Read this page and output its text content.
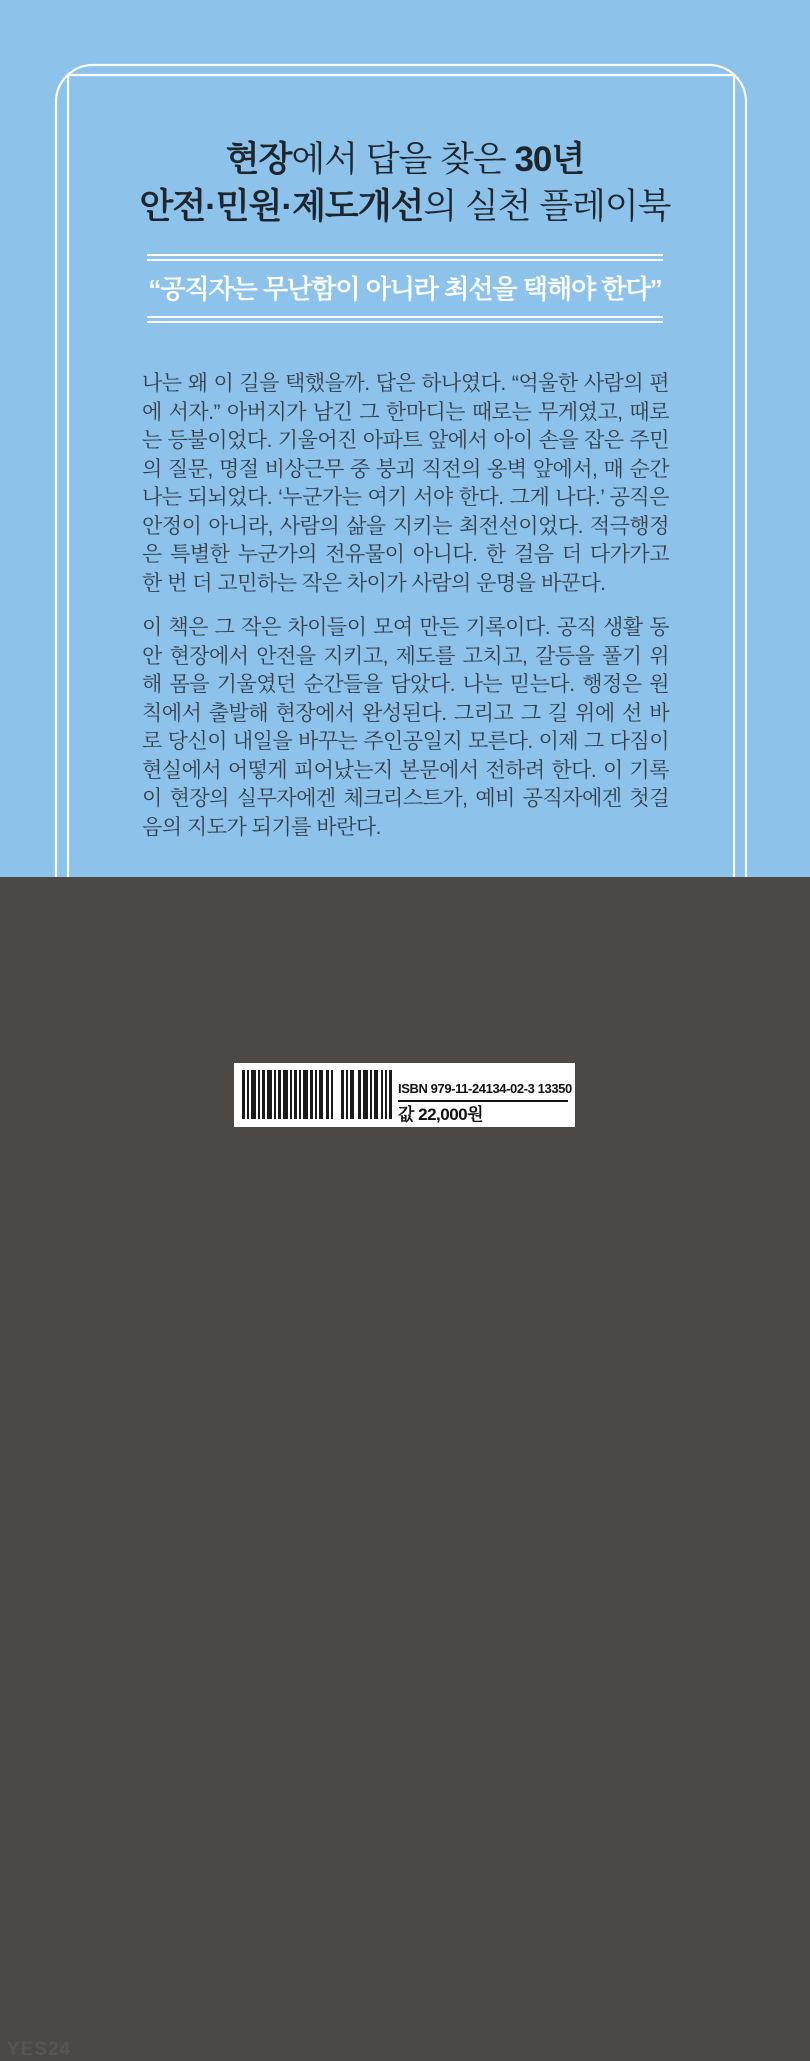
현장에서 답을 찾은 30년
안전·민원·제도개선의 실천 플레이북
“공직자는 무난함이 아니라 최선을 택해야 한다”

나는 왜 이 길을 택했을까. 답은 하나였다. “억울한 사람의 편에 서자.” 아버지가 남긴 그 한마디는 때로는 무게였고, 때로는 등불이었다. 기울어진 아파트 앞에서 아이 손을 잡은 주민의 질문, 명절 비상근무 중 붕괴 직전의 옹벽 앞에서, 매 순간 나는 되뇌었다. ‘누군가는 여기 서야 한다. 그게 나다.’ 공직은 안정이 아니라, 사람의 삶을 지키는 최전선이었다. 적극행정은 특별한 누군가의 전유물이 아니다. 한 걸음 더 다가가고 한 번 더 고민하는 작은 차이가 사람의 운명을 바꾼다.

이 책은 그 작은 차이들이 모여 만든 기록이다. 공직 생활 동안 현장에서 안전을 지키고, 제도를 고치고, 갈등을 풀기 위해 몸을 기울였던 순간들을 담았다. 나는 믿는다. 행정은 원칙에서 출발해 현장에서 완성된다. 그리고 그 길 위에 선 바로 당신이 내일을 바꾸는 주인공일지 모른다. 이제 그 다짐이 현실에서 어떻게 피어났는지 본문에서 전하려 한다. 이 기록이 현장의 실무자에겐 체크리스트가, 예비 공직자에겐 첫걸음의 지도가 되기를 바란다.

YES24
ISBN 979-11-24134-02-3 13350
값 22,000원
